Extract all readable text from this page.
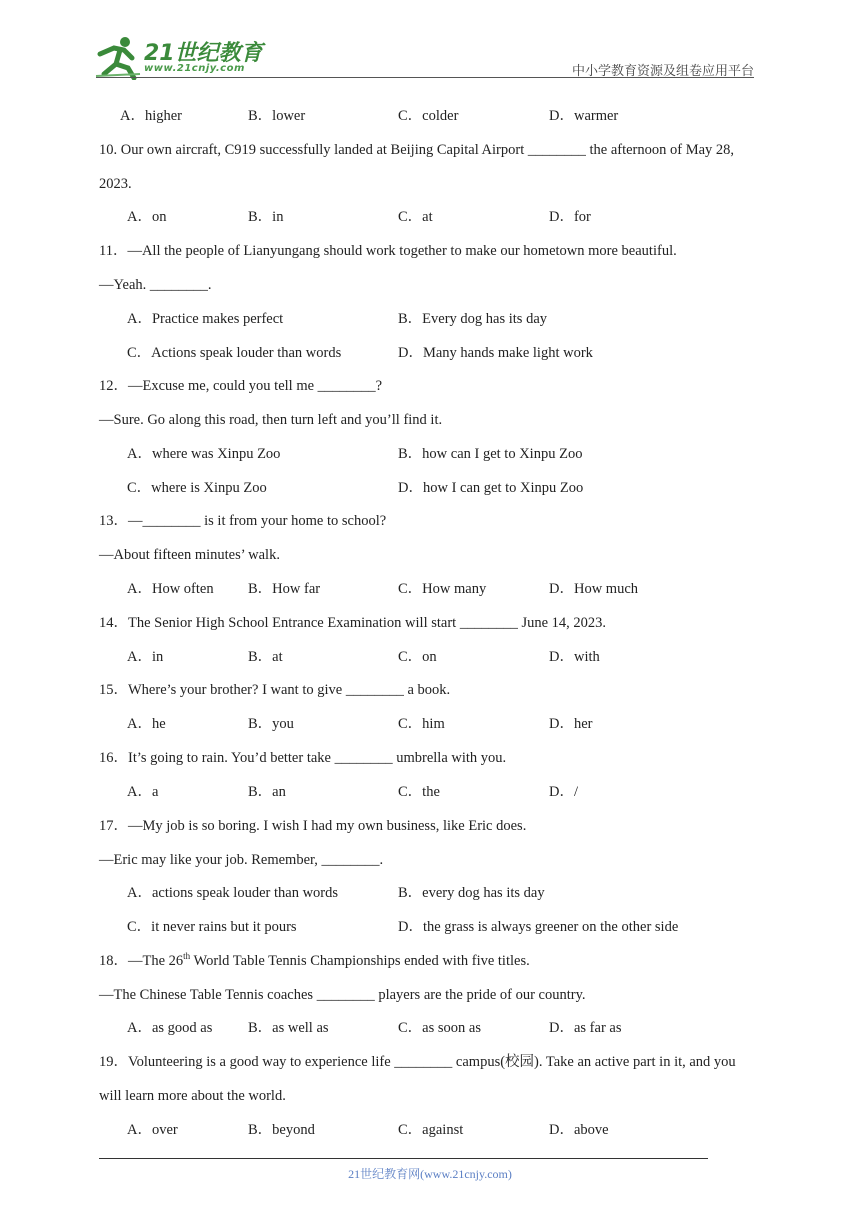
21世纪教育
www.21cnjy.com	中小学教育资源及组卷应用平台
A．higher	B．lower	C．colder	D．warmer
10. Our own aircraft, C919 successfully landed at Beijing Capital Airport ________ the afternoon of May 28,
2023.
A．on	B．in	C．at	D．for
11．—All the people of Lianyungang should work together to make our hometown more beautiful.
—Yeah. ________.
A．Practice makes perfect	B．Every dog has its day
C．Actions speak louder than words	D．Many hands make light work
12．—Excuse me, could you tell me ________?
—Sure. Go along this road, then turn left and you’ll find it.
A．where was Xinpu Zoo	B．how can I get to Xinpu Zoo
C．where is Xinpu Zoo	D．how I can get to Xinpu Zoo
13．—________ is it from your home to school?
—About fifteen minutes’ walk.
A．How often B．How far	C．How many	D．How much
14．The Senior High School Entrance Examination will start ________ June 14, 2023.
A．in	B．at	C．on	D．with
15．Where’s your brother? I want to give ________ a book.
A．he	B．you	C．him	D．her
16．It’s going to rain. You’d better take ________ umbrella with you.
A．a	B．an	C．the	D．/
17．—My job is so boring. I wish I had my own business, like Eric does.
—Eric may like your job. Remember, ________.
A．actions speak louder than words	B．every dog has its day
C．it never rains but it pours	D．the grass is always greener on the other side
18．—The 26th World Table Tennis Championships ended with five titles.
—The Chinese Table Tennis coaches ________ players are the pride of our country.
A．as good as B．as well as	C．as soon as	D．as far as
19．Volunteering is a good way to experience life ________ campus(校园). Take an active part in it, and you
will learn more about the world.
A．over	B．beyond	C．against	D．above
21世纪教育网(www.21cnjy.com)
